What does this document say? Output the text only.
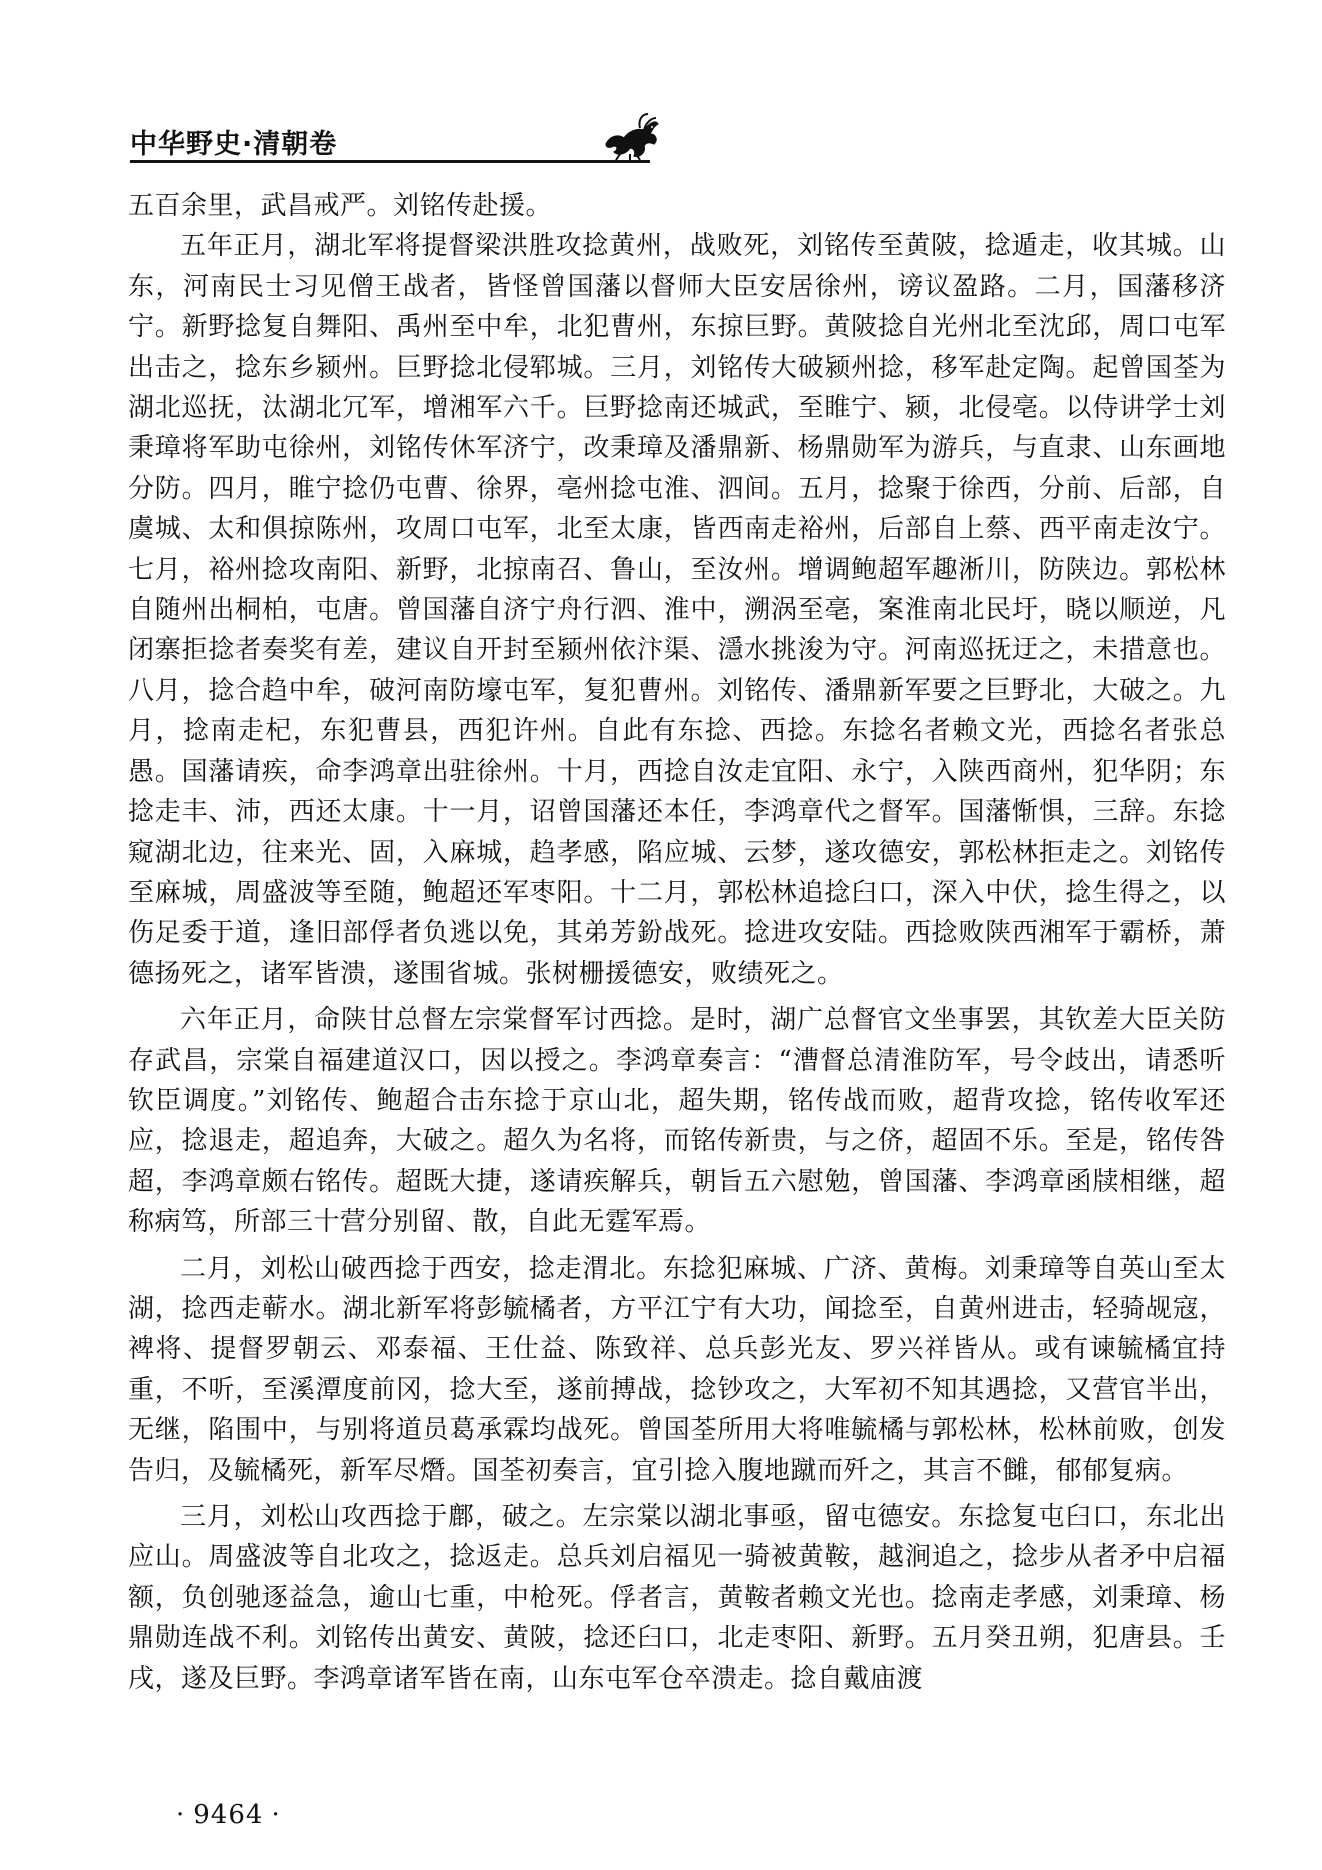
中华野史·清朝卷

五百余里，武昌戒严。刘铭传赴援。

五年正月，湖北军将提督梁洪胜攻捻黄州，战败死，刘铭传至黄陂，捻遁走，收其城。山东，河南民士习见僧王战者，皆怪曾国藩以督师大臣安居徐州，谤议盈路。二月，国藩移济宁。新野捻复自舞阳、禹州至中牟，北犯曹州，东掠巨野。黄陂捻自光州北至沈邱，周口屯军出击之，捻东乡颍州。巨野捻北侵郓城。三月，刘铭传大破颍州捻，移军赴定陶。起曾国荃为湖北巡抚，汰湖北冗军，增湘军六千。巨野捻南还城武，至睢宁、颍，北侵亳。以侍讲学士刘秉璋将军助屯徐州，刘铭传休军济宁，改秉璋及潘鼎新、杨鼎勋军为游兵，与直隶、山东画地分防。四月，睢宁捻仍屯曹、徐界，亳州捻屯淮、泗间。五月，捻聚于徐西，分前、后部，自虞城、太和俱掠陈州，攻周口屯军，北至太康，皆西南走裕州，后部自上蔡、西平南走汝宁。七月，裕州捻攻南阳、新野，北掠南召、鲁山，至汝州。增调鲍超军趣淅川，防陕边。郭松林自随州出桐柏，屯唐。曾国藩自济宁舟行泗、淮中，溯涡至亳，案淮南北民圩，晓以顺逆，凡闭寨拒捻者奏奖有差，建议自开封至颍州依汴渠、濦水挑浚为守。河南巡抚迂之，未措意也。八月，捻合趋中牟，破河南防壕屯军，复犯曹州。刘铭传、潘鼎新军要之巨野北，大破之。九月，捻南走杞，东犯曹县，西犯许州。自此有东捻、西捻。东捻名者赖文光，西捻名者张总愚。国藩请疾，命李鸿章出驻徐州。十月，西捻自汝走宜阳、永宁，入陕西商州，犯华阴；东捻走丰、沛，西还太康。十一月，诏曾国藩还本任，李鸿章代之督军。国藩惭惧，三辞。东捻窥湖北边，往来光、固，入麻城，趋孝感，陷应城、云梦，遂攻德安，郭松林拒走之。刘铭传至麻城，周盛波等至随，鲍超还军枣阳。十二月，郭松林追捻臼口，深入中伏，捻生得之，以伤足委于道，逢旧部俘者负逃以免，其弟芳鈖战死。捻进攻安陆。西捻败陕西湘军于霸桥，萧德扬死之，诸军皆溃，遂围省城。张树栅援德安，败绩死之。

六年正月，命陕甘总督左宗棠督军讨西捻。是时，湖广总督官文坐事罢，其钦差大臣关防存武昌，宗棠自福建道汉口，因以授之。李鸿章奏言：“漕督总清淮防军，号令歧出，请悉听钦臣调度。”刘铭传、鲍超合击东捻于京山北，超失期，铭传战而败，超背攻捻，铭传收军还应，捻退走，超追奔，大破之。超久为名将，而铭传新贵，与之侪，超固不乐。至是，铭传咎超，李鸿章颇右铭传。超既大捷，遂请疾解兵，朝旨五六慰勉，曾国藩、李鸿章函牍相继，超称病笃，所部三十营分别留、散，自此无霆军焉。

二月，刘松山破西捻于西安，捻走渭北。东捻犯麻城、广济、黄梅。刘秉璋等自英山至太湖，捻西走蕲水。湖北新军将彭毓橘者，方平江宁有大功，闻捻至，自黄州进击，轻骑觇寇，裨将、提督罗朝云、邓泰福、王仕益、陈致祥、总兵彭光友、罗兴祥皆从。或有谏毓橘宜持重，不听，至溪潭度前冈，捻大至，遂前搏战，捻钞攻之，大军初不知其遇捻，又营官半出，无继，陷围中，与别将道员葛承霖均战死。曾国荃所用大将唯毓橘与郭松林，松林前败，创发告归，及毓橘死，新军尽熸。国荃初奏言，宜引捻入腹地蹴而歼之，其言不雠，郁郁复病。

三月，刘松山攻西捻于鄜，破之。左宗棠以湖北事亟，留屯德安。东捻复屯臼口，东北出应山。周盛波等自北攻之，捻返走。总兵刘启福见一骑被黄鞍，越涧追之，捻步从者矛中启福额，负创驰逐益急，逾山七重，中枪死。俘者言，黄鞍者赖文光也。捻南走孝感，刘秉璋、杨鼎勋连战不利。刘铭传出黄安、黄陂，捻还臼口，北走枣阳、新野。五月癸丑朔，犯唐县。壬戌，遂及巨野。李鸿章诸军皆在南，山东屯军仓卒溃走。捻自戴庙渡

· 9464 ·
